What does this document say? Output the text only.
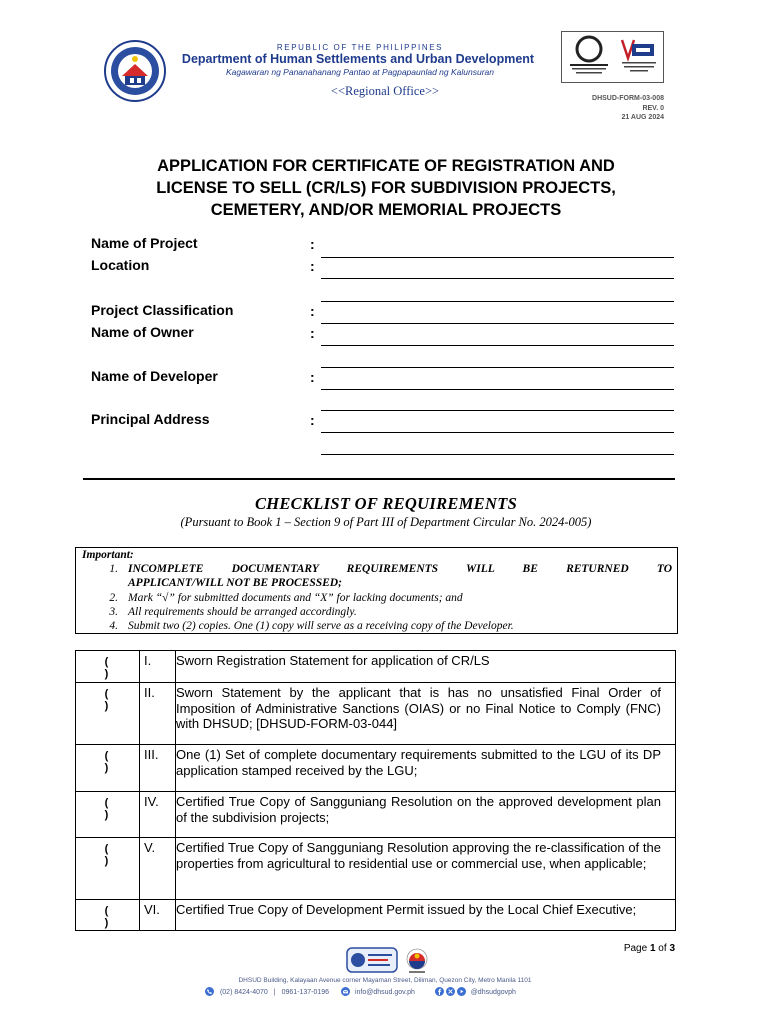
REPUBLIC OF THE PHILIPPINES
Department of Human Settlements and Urban Development
Kagawaran ng Pananahanang Pantao at Pagpapaunlad ng Kalunsuran
<<Regional Office>>
DHSUD-FORM-03-008
REV. 0
21 AUG 2024
APPLICATION FOR CERTIFICATE OF REGISTRATION AND
LICENSE TO SELL (CR/LS) FOR SUBDIVISION PROJECTS,
CEMETERY, AND/OR MEMORIAL PROJECTS
Name of Project	:
Location	:
Project Classification	:
Name of Owner	:
Name of Developer	:
Principal Address	:
CHECKLIST OF REQUIREMENTS
(Pursuant to Book 1 – Section 9 of Part III of Department Circular No. 2024-005)
Important:
1. INCOMPLETE DOCUMENTARY REQUIREMENTS WILL BE RETURNED TO
APPLICANT/WILL NOT BE PROCESSED;
2. Mark “√” for submitted documents and “X” for lacking documents; and
3. All requirements should be arranged accordingly.
4. Submit two (2) copies. One (1) copy will serve as a receiving copy of the Developer.
( )	I.	Sworn Registration Statement for application of CR/LS
( )	II.	Sworn Statement by the applicant that is has no unsatisfied Final Order of Imposition of Administrative Sanctions (OIAS) or no Final Notice to Comply (FNC) with DHSUD; [DHSUD-FORM-03-044]
( )	III.	One (1) Set of complete documentary requirements submitted to the LGU of its DP application stamped received by the LGU;
( )	IV.	Certified True Copy of Sangguniang Resolution on the approved development plan of the subdivision projects;
( )	V.	Certified True Copy of Sangguniang Resolution approving the re-classification of the properties from agricultural to residential use or commercial use, when applicable;
( )	VI.	Certified True Copy of Development Permit issued by the Local Chief Executive;
Page 1 of 3
DHSUD Building, Kalayaan Avenue corner Mayaman Street, Diliman, Quezon City, Metro Manila 1101
(02) 8424-4070 | 0961-137-0196	info@dhsud.gov.ph	@dhsudgovph
